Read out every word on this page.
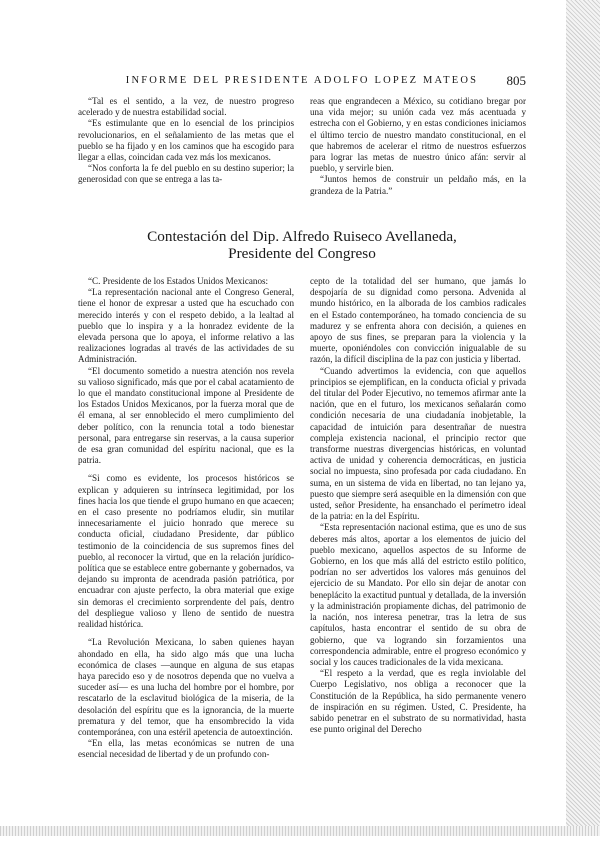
INFORME DEL PRESIDENTE ADOLFO LOPEZ MATEOS 805

“Tal es el sentido, a la vez, de nuestro progreso acelerado y de nuestra estabilidad social.

“Es estimulante que en lo esencial de los principios revolucionarios, en el señalamiento de las metas que el pueblo se ha fijado y en los caminos que ha escogido para llegar a ellas, coincidan cada vez más los mexicanos.

“Nos conforta la fe del pueblo en su destino superior; la generosidad con que se entrega a las ta-

reas que engrandecen a México, su cotidiano bregar por una vida mejor; su unión cada vez más acentuada y estrecha con el Gobierno, y en estas condiciones iniciamos el último tercio de nuestro mandato constitucional, en el que habremos de acelerar el ritmo de nuestros esfuerzos para lograr las metas de nuestro único afán: servir al pueblo, y servirle bien.

“Juntos hemos de construir un peldaño más, en la grandeza de la Patria.”

Contestación del Dip. Alfredo Ruiseco Avellaneda,
Presidente del Congreso

“C. Presidente de los Estados Unidos Mexicanos:

“La representación nacional ante el Congreso General, tiene el honor de expresar a usted que ha escuchado con merecido interés y con el respeto debido, a la lealtad al pueblo que lo inspira y a la honradez evidente de la elevada persona que lo apoya, el informe relativo a las realizaciones logradas al través de las actividades de su Administración.

“El documento sometido a nuestra atención nos revela su valioso significado, más que por el cabal acatamiento de lo que el mandato constitucional impone al Presidente de los Estados Unidos Mexicanos, por la fuerza moral que de él emana, al ser ennoblecido el mero cumplimiento del deber político, con la renuncia total a todo bienestar personal, para entregarse sin reservas, a la causa superior de esa gran comunidad del espíritu nacional, que es la patria.

“Si como es evidente, los procesos históricos se explican y adquieren su intrínseca legitimidad, por los fines hacia los que tiende el grupo humano en que acaecen; en el caso presente no podríamos eludir, sin mutilar innecesariamente el juicio honrado que merece su conducta oficial, ciudadano Presidente, dar público testimonio de la coincidencia de sus supremos fines del pueblo, al reconocer la virtud, que en la relación jurídico-política que se establece entre gobernante y gobernados, va dejando su impronta de acendrada pasión patriótica, por encuadrar con ajuste perfecto, la obra material que exige sin demoras el crecimiento sorprendente del país, dentro del despliegue valioso y lleno de sentido de nuestra realidad histórica.

“La Revolución Mexicana, lo saben quienes hayan ahondado en ella, ha sido algo más que una lucha económica de clases —aunque en alguna de sus etapas haya parecido eso y de nosotros dependa que no vuelva a suceder así— es una lucha del hombre por el hombre, por rescatarlo de la esclavitud biológica de la miseria, de la desolación del espíritu que es la ignorancia, de la muerte prematura y del temor, que ha ensombrecido la vida contemporánea, con una estéril apetencia de autoextinción.

“En ella, las metas económicas se nutren de una esencial necesidad de libertad y de un profundo con-

cepto de la totalidad del ser humano, que jamás lo despojaría de su dignidad como persona. Advenida al mundo histórico, en la alborada de los cambios radicales en el Estado contemporáneo, ha tomado conciencia de su madurez y se enfrenta ahora con decisión, a quienes en apoyo de sus fines, se preparan para la violencia y la muerte, oponiéndoles con convicción inigualable de su razón, la difícil disciplina de la paz con justicia y libertad.

“Cuando advertimos la evidencia, con que aquellos principios se ejemplifican, en la conducta oficial y privada del titular del Poder Ejecutivo, no tememos afirmar ante la nación, que en el futuro, los mexicanos señalarán como condición necesaria de una ciudadanía inobjetable, la capacidad de intuición para desentrañar de nuestra compleja existencia nacional, el principio rector que transforme nuestras divergencias históricas, en voluntad activa de unidad y coherencia democráticas, en justicia social no impuesta, sino profesada por cada ciudadano. En suma, en un sistema de vida en libertad, no tan lejano ya, puesto que siempre será asequible en la dimensión con que usted, señor Presidente, ha ensanchado el perímetro ideal de la patria: en la del Espíritu.

“Esta representación nacional estima, que es uno de sus deberes más altos, aportar a los elementos de juicio del pueblo mexicano, aquellos aspectos de su Informe de Gobierno, en los que más allá del estricto estilo político, podrían no ser advertidos los valores más genuinos del ejercicio de su Mandato. Por ello sin dejar de anotar con beneplácito la exactitud puntual y detallada, de la inversión y la administración propiamente dichas, del patrimonio de la nación, nos interesa penetrar, tras la letra de sus capítulos, hasta encontrar el sentido de su obra de gobierno, que va logrando sin forzamientos una correspondencia admirable, entre el progreso económico y social y los cauces tradicionales de la vida mexicana.

“El respeto a la verdad, que es regla inviolable del Cuerpo Legislativo, nos obliga a reconocer que la Constitución de la República, ha sido permanente venero de inspiración en su régimen. Usted, C. Presidente, ha sabido penetrar en el substrato de su normatividad, hasta ese punto original del Derecho
